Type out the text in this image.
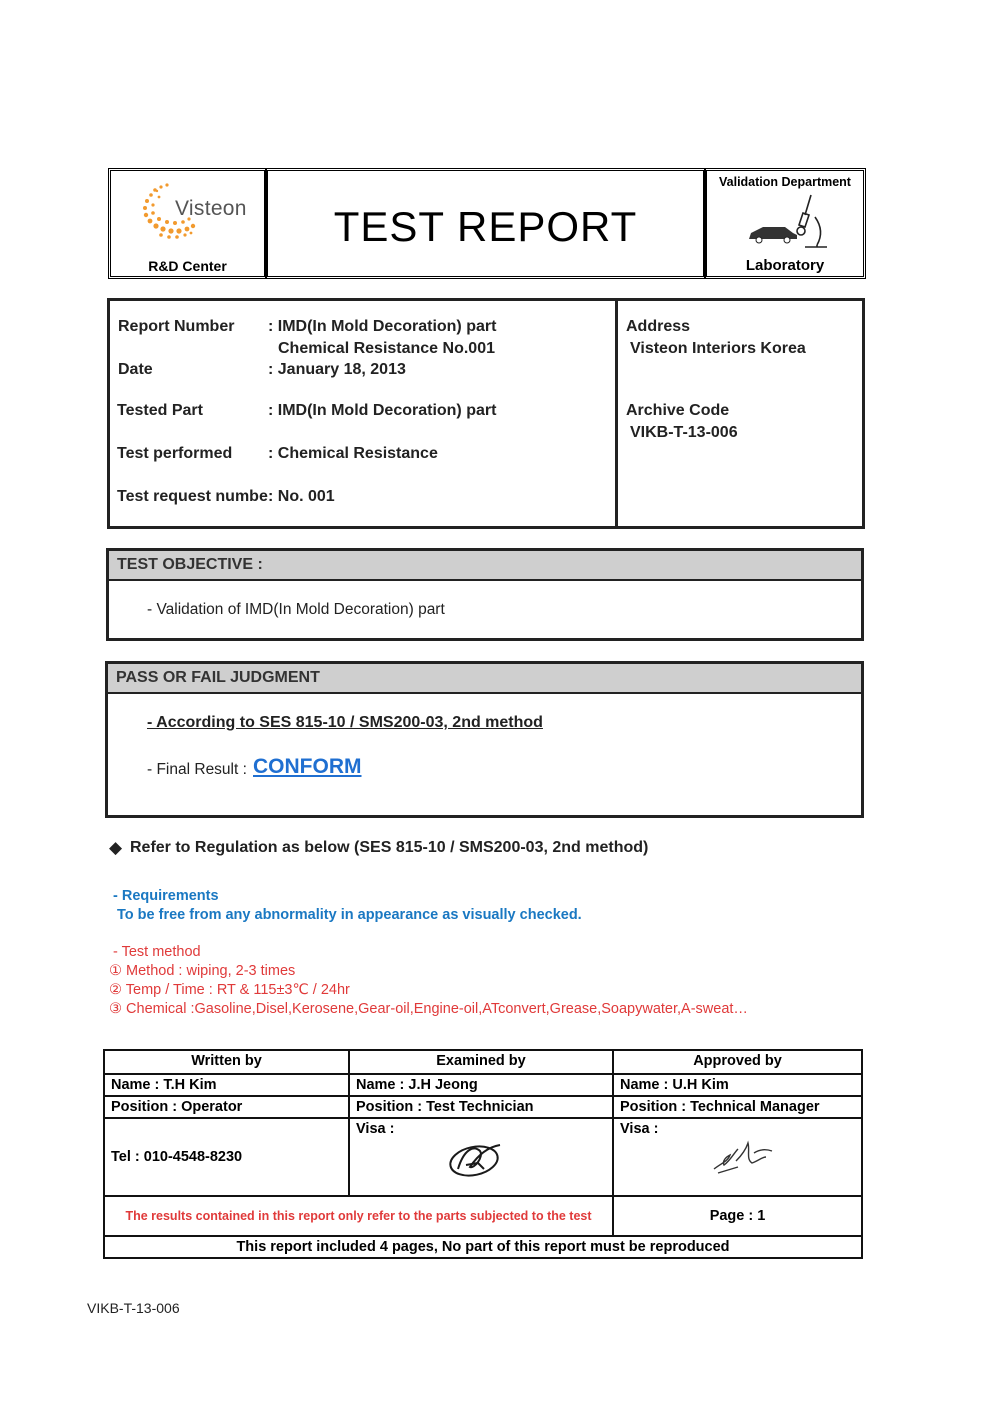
Visteon
R&D Center
TEST REPORT
Validation Department
Laboratory
Report Number : IMD(In Mold Decoration) part
Chemical Resistance No.001
Date	: January 18, 2013
Tested Part	: IMD(In Mold Decoration) part
Test performed : Chemical Resistance
Test request numbe : No. 001
Address
Visteon Interiors Korea
Archive Code
VIKB-T-13-006
TEST OBJECTIVE :
- Validation of IMD(In Mold Decoration) part
PASS OR FAIL JUDGMENT
- According to SES 815-10 / SMS200-03, 2nd method
- Final Result : CONFORM
◆ Refer to Regulation as below (SES 815-10 / SMS200-03, 2nd method)
- Requirements
To be free from any abnormality in appearance as visually checked.
- Test method
① Method : wiping, 2-3 times
② Temp / Time : RT & 115±3℃ / 24hr
③ Chemical :Gasoline,Disel,Kerosene,Gear-oil,Engine-oil,ATconvert,Grease,Soapywater,A-sweat…
Written by	Examined by	Approved by
Name : T.H Kim	Name : J.H Jeong	Name : U.H Kim
Position : Operator	Position : Test Technician	Position : Technical Manager
Tel : 010-4548-8230	Visa :	Visa :

The results contained in this report only refer to the parts subjected to the test		Page : 1
This report included 4 pages, No part of this report must be reproduced		
VIKB-T-13-006
